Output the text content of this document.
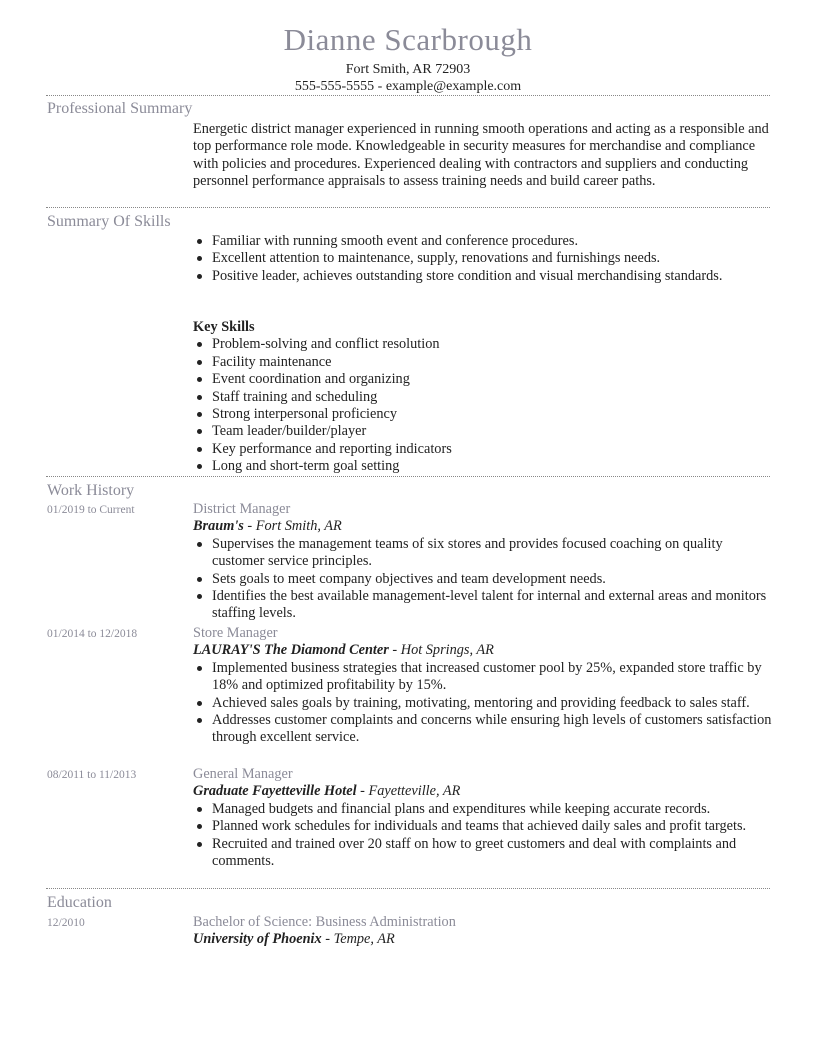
Dianne Scarbrough
Fort Smith, AR 72903
555-555-5555 - example@example.com
Professional Summary

Energetic district manager experienced in running smooth operations and acting as a responsible and top performance role mode. Knowledgeable in security measures for merchandise and compliance with policies and procedures. Experienced dealing with contractors and suppliers and conducting personnel performance appraisals to assess training needs and build career paths.

Summary Of Skills
Familiar with running smooth event and conference procedures.
Excellent attention to maintenance, supply, renovations and furnishings needs.
Positive leader, achieves outstanding store condition and visual merchandising standards.
Key Skills
Problem-solving and conflict resolution
Facility maintenance
Event coordination and organizing
Staff training and scheduling
Strong interpersonal proficiency
Team leader/builder/player
Key performance and reporting indicators
Long and short-term goal setting
Work History
01/2019 to Current	District Manager
Braum's - Fort Smith, AR
Supervises the management teams of six stores and provides focused coaching on quality customer service principles.
Sets goals to meet company objectives and team development needs.
Identifies the best available management-level talent for internal and external areas and monitors staffing levels.
01/2014 to 12/2018	Store Manager
LAURAY'S The Diamond Center - Hot Springs, AR
Implemented business strategies that increased customer pool by 25%, expanded store traffic by 18% and optimized profitability by 15%.
Achieved sales goals by training, motivating, mentoring and providing feedback to sales staff.
Addresses customer complaints and concerns while ensuring high levels of customers satisfaction through excellent service.
08/2011 to 11/2013	General Manager
Graduate Fayetteville Hotel - Fayetteville, AR
Managed budgets and financial plans and expenditures while keeping accurate records.
Planned work schedules for individuals and teams that achieved daily sales and profit targets.
Recruited and trained over 20 staff on how to greet customers and deal with complaints and comments.
Education
12/2010	Bachelor of Science: Business Administration
University of Phoenix - Tempe, AR
